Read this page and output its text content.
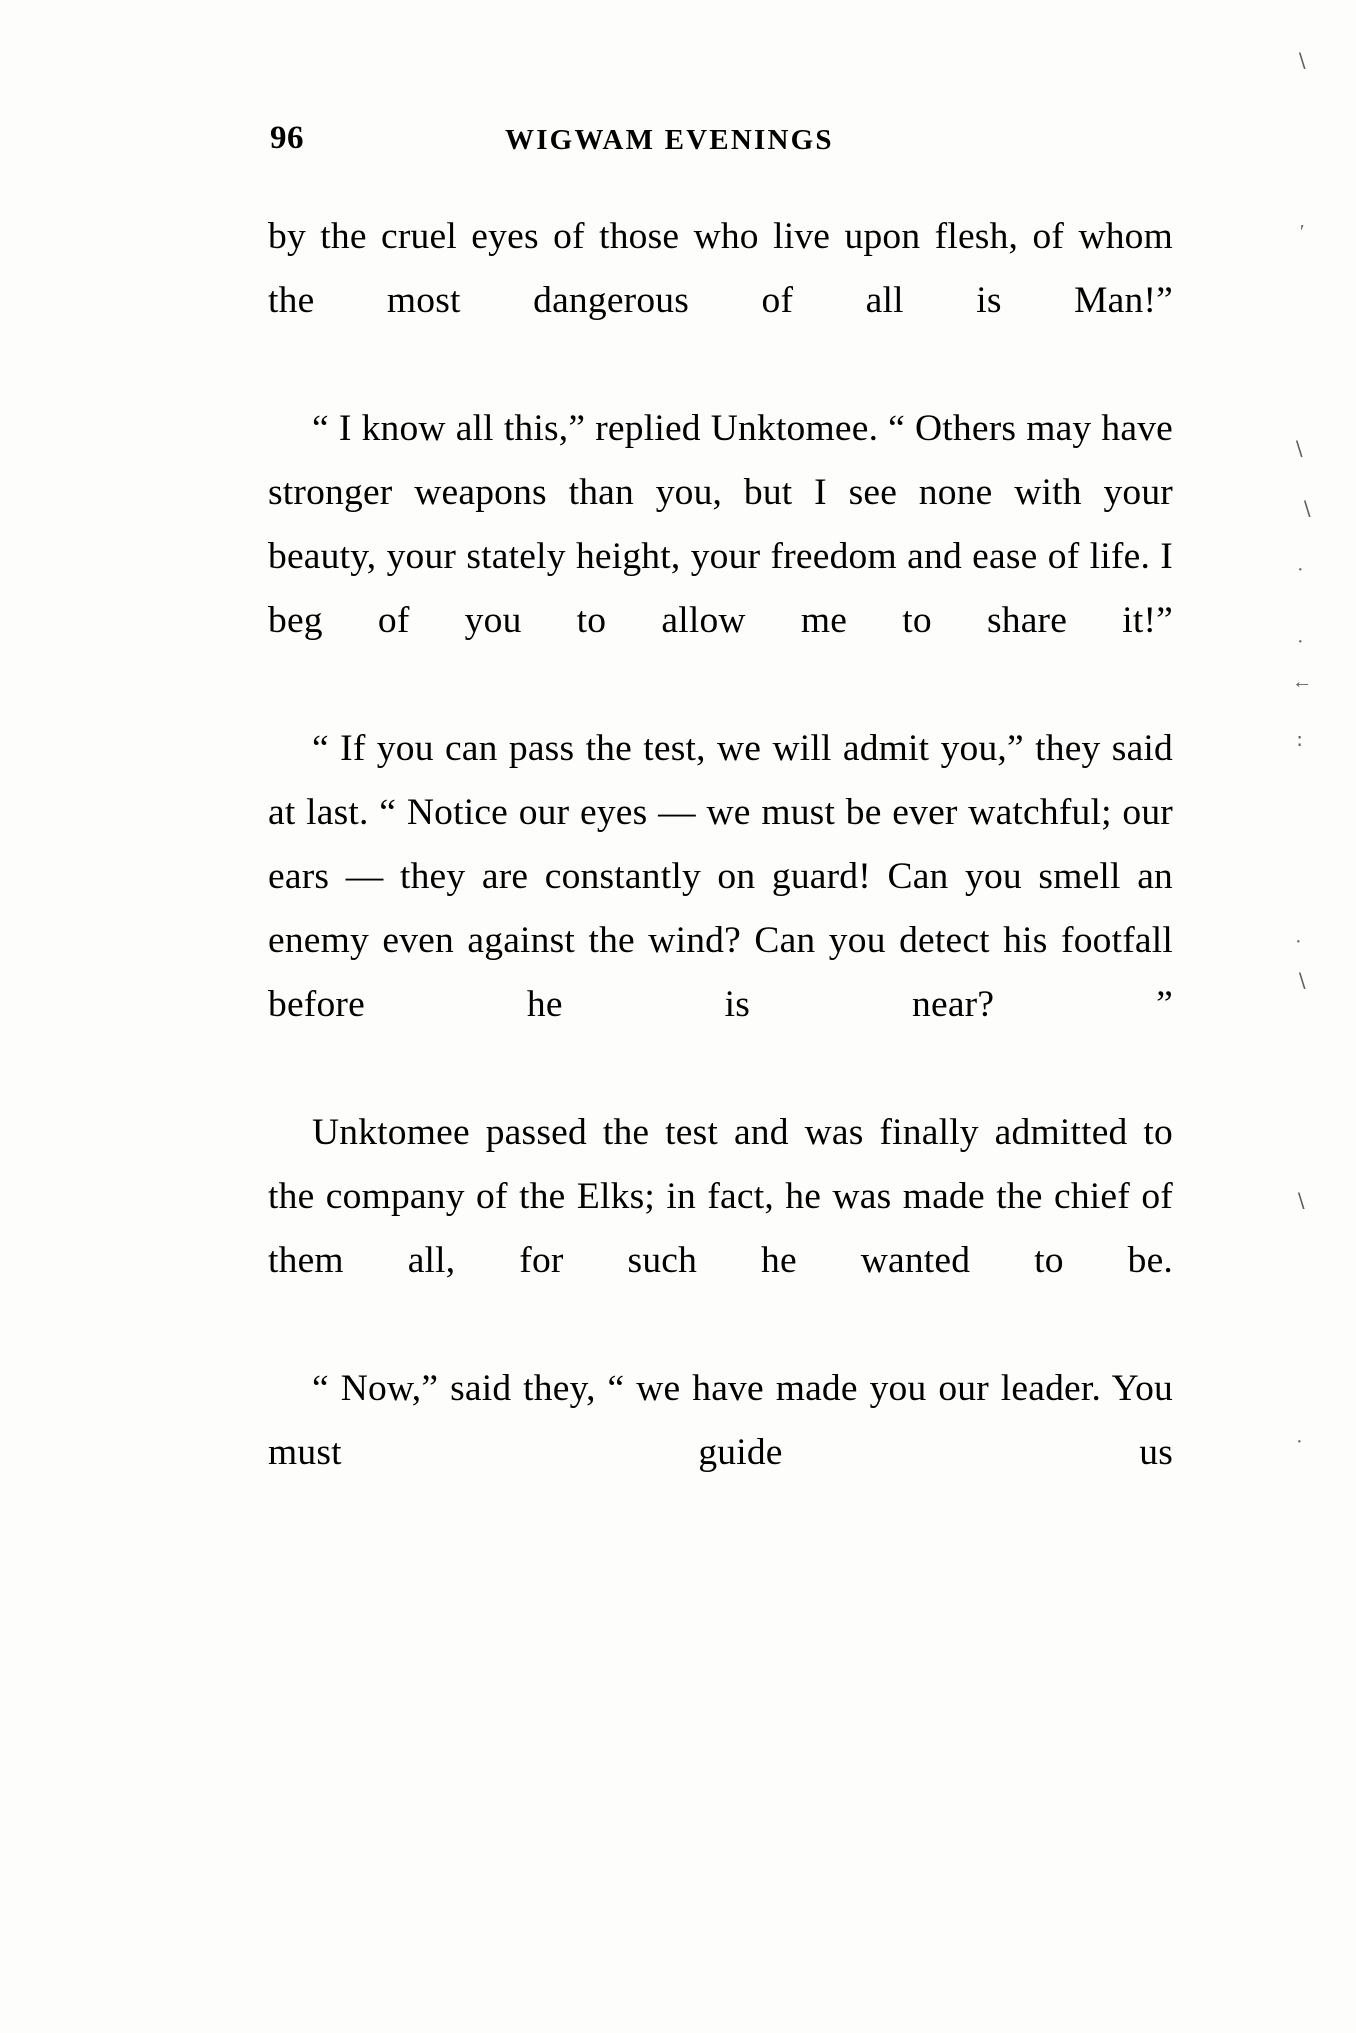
96	WIGWAM EVENINGS

by the cruel eyes of those who live upon flesh, of whom the most dangerous of all is Man!”

“ I know all this,” replied Unktomee. “ Others may have stronger weapons than you, but I see none with your beauty, your stately height, your freedom and ease of life. I beg of you to allow me to share it!”

“ If you can pass the test, we will admit you,” they said at last. “ Notice our eyes — we must be ever watchful; our ears — they are constantly on guard! Can you smell an enemy even against the wind? Can you detect his footfall before he is near? ”

Unktomee passed the test and was finally admitted to the company of the Elks; in fact, he was made the chief of them all, for such he wanted to be.

“ Now,” said they, “ we have made you our leader. You must guide us

∖
′
∖
∖
·
·
←
∶
·
∖
∖
·
